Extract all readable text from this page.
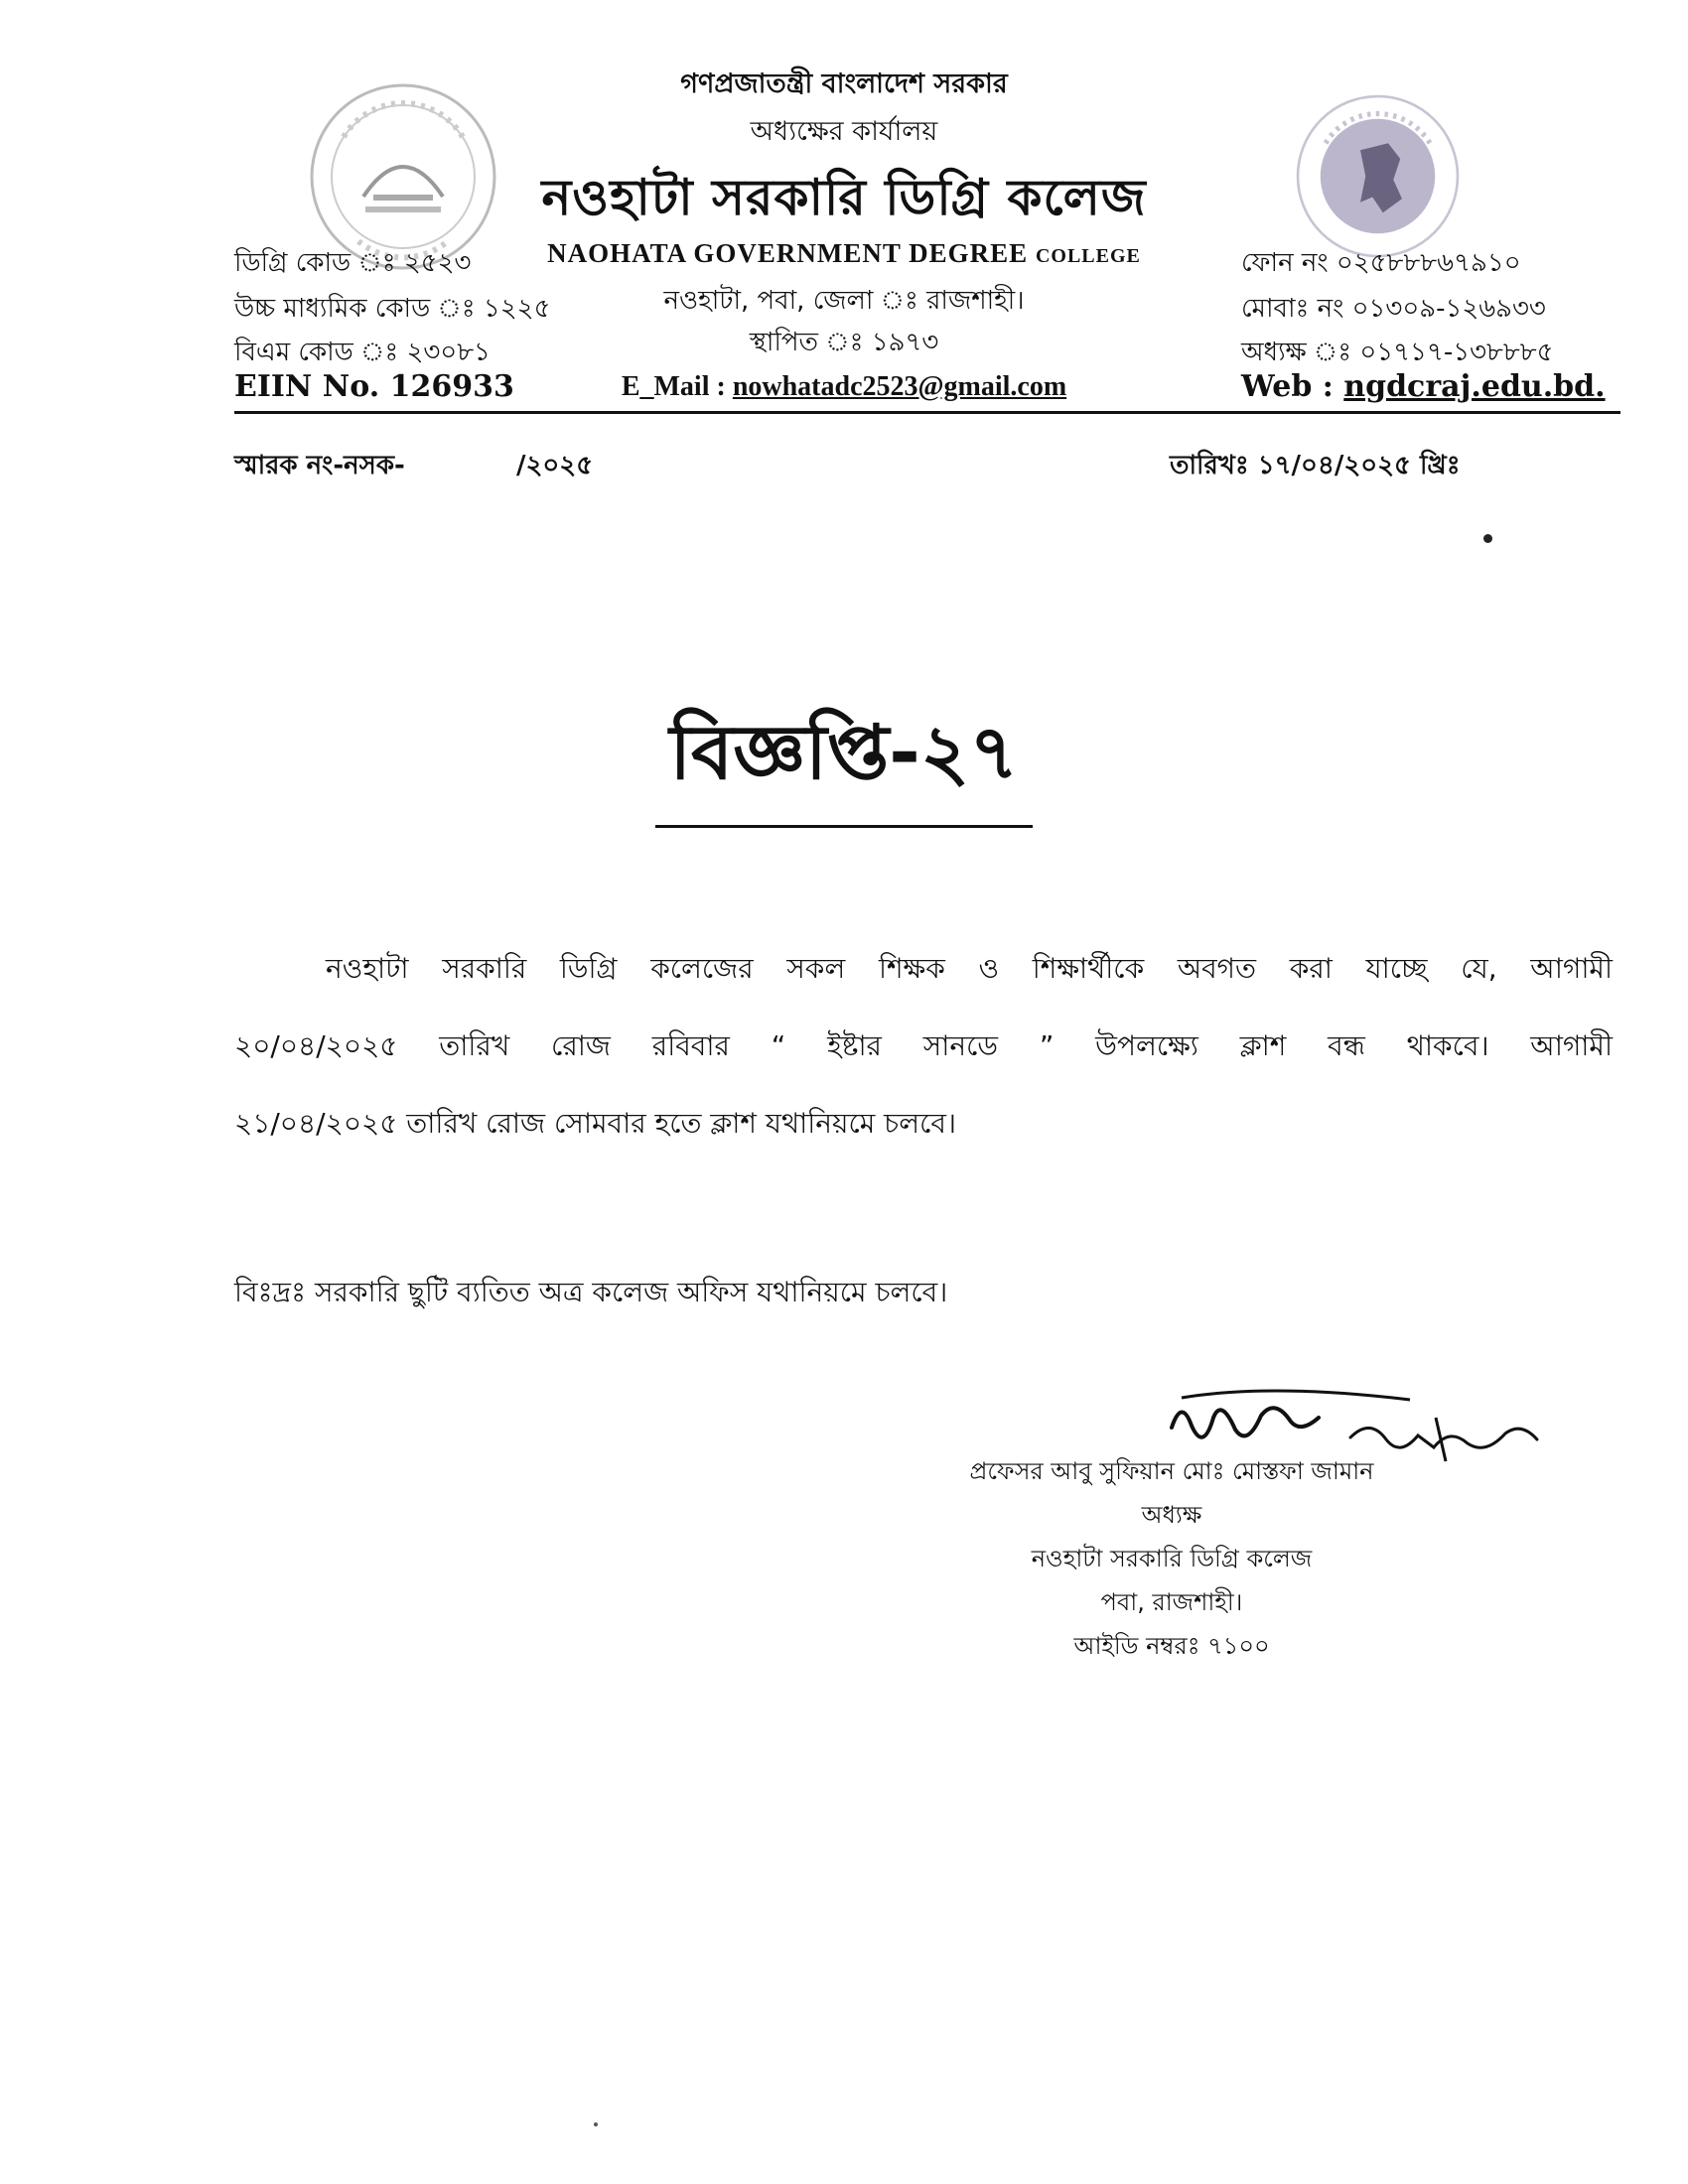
গণপ্রজাতন্ত্রী বাংলাদেশ সরকার
অধ্যক্ষের কার্যালয়
নওহাটা সরকারি ডিগ্রি কলেজ
NAOHATA GOVERNMENT DEGREE COLLEGE
নওহাটা, পবা, জেলা ঃ রাজশাহী।
স্থাপিত ঃ ১৯৭৩
E_Mail : nowhatadc2523@gmail.com
ডিগ্রি কোড ঃ ২৫২৩
উচ্চ মাধ্যমিক কোড ঃ ১২২৫
বিএম কোড ঃ ২৩০৮১
EIIN No. 126933
ফোন নং ০২৫৮৮৮৬৭৯১০
মোবাঃ নং ০১৩০৯-১২৬৯৩৩
অধ্যক্ষ ঃ ০১৭১৭-১৩৮৮৮৫
Web : ngdcraj.edu.bd.
স্মারক নং-নসক-	/২০২৫	তারিখঃ ১৭/০৪/২০২৫ খ্রিঃ
বিজ্ঞপ্তি-২৭
নওহাটা সরকারি ডিগ্রি কলেজের সকল শিক্ষক ও শিক্ষার্থীকে অবগত করা যাচ্ছে যে, আগামী
২০/০৪/২০২৫ তারিখ রোজ রবিবার “ ইষ্টার সানডে ” উপলক্ষ্যে ক্লাশ বন্ধ থাকবে। আগামী
২১/০৪/২০২৫ তারিখ রোজ সোমবার হতে ক্লাশ যথানিয়মে চলবে।
বিঃদ্রঃ সরকারি ছুটি ব্যতিত অত্র কলেজ অফিস যথানিয়মে চলবে।
প্রফেসর আবু সুফিয়ান মোঃ মোস্তফা জামান
অধ্যক্ষ
নওহাটা সরকারি ডিগ্রি কলেজ
পবা, রাজশাহী।
আইডি নম্বরঃ ৭১০০
